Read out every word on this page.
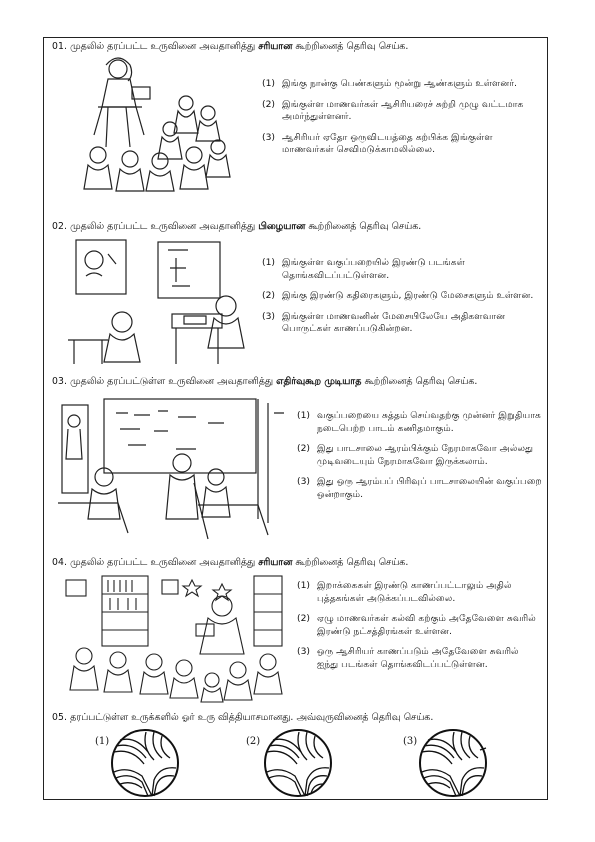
01. முதலில் தரப்பட்ட உருவினை அவதானித்து சரியான கூற்றினைத் தெரிவு செய்க.
(1) இங்கு நான்கு பெண்களும் மூன்று ஆண்களும் உள்ளனர்.
(2) இங்குள்ள மாணவர்கள் ஆசிரியரைச் சுற்றி முழு வட்டமாக அமர்ந்துள்ளனர்.
(3) ஆசிரியர் ஏதோ ஒருவிடயத்தை கற்பிக்க இங்குள்ள மாணவர்கள் செவிமடுக்காமலில்லை.
02. முதலில் தரப்பட்ட உருவினை அவதானித்து பிழையான கூற்றினைத் தெரிவு செய்க.
(1) இங்குள்ள வகுப்பறையில் இரண்டு படங்கள் தொங்கவிடப்பட்டுள்ளன.
(2) இங்கு இரண்டு கதிரைகளும், இரண்டு மேசைகளும் உள்ளன.
(3) இங்குள்ள மாணவனின் மேசையிலேயே அதிகளவான பொருட்கள் காணப்படுகின்றன.
03. முதலில் தரப்பட்டுள்ள உருவினை அவதானித்து எதிர்வுகூற முடியாத கூற்றினைத் தெரிவு செய்க.
(1) வகுப்பறையை சுத்தம் செய்வதற்கு முன்னர் இறுதியாக நடைபெற்ற பாடம் கணிதமாகும்.
(2) இது பாடசாலை ஆரம்பிக்கும் நேரமாகவோ அல்லது முடிவடையும் நேரமாகவோ இருக்கலாம்.
(3) இது ஒரு ஆரம்பப் பிரிவுப் பாடசாலையின் வகுப்பறை ஒன்றாகும்.
04. முதலில் தரப்பட்ட உருவினை அவதானித்து சரியான கூற்றினைத் தெரிவு செய்க.
(1) இறாக்கைகள் இரண்டு காணப்பட்டாலும் அதில் புத்தகங்கள் அடுக்கப்படவில்லை.
(2) ஏழு மாணவர்கள் கல்வி கற்கும் அதேவேளை சுவரில் இரண்டு நட்சத்திரங்கள் உள்ளன.
(3) ஒரு ஆசிரியர் காணப்படும் அதேவேளை சுவரில் ஐந்து படங்கள் தொங்கவிடப்பட்டுள்ளன.
05. தரப்பட்டுள்ள உருக்களில் ஓர் உரு வித்தியாசமானது. அவ்வுருவினைத் தெரிவு செய்க.
(1)	(2)	(3)
